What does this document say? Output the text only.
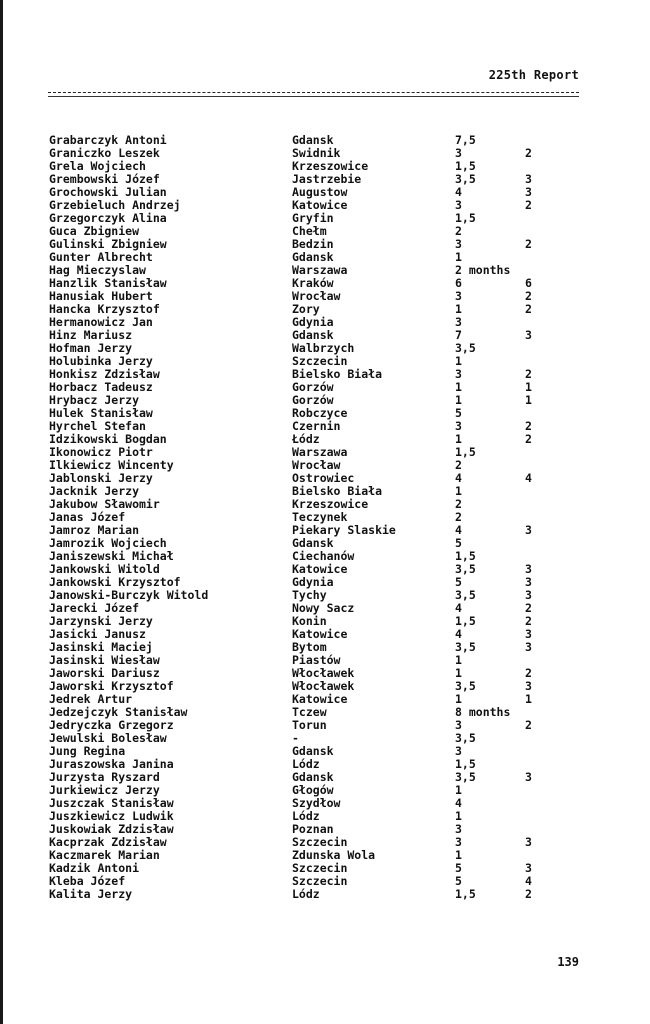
225th Report
Grabarczyk Antoni	Gdansk	7,5
Graniczko Leszek	Swidnik	3	2
Grela Wojciech	Krzeszowice	1,5
Grembowski Józef	Jastrzebie	3,5	3
Grochowski Julian	Augustow	4	3
Grzebieluch Andrzej	Katowice	3	2
Grzegorczyk Alina	Gryfin	1,5
Guca Zbigniew	Chełm	2
Gulinski Zbigniew	Bedzin	3	2
Gunter Albrecht	Gdansk	1
Hag Mieczyslaw	Warszawa	2 months
Hanzlik Stanisław	Kraków	6	6
Hanusiak Hubert	Wrocław	3	2
Hancka Krzysztof	Zory	1	2
Hermanowicz Jan	Gdynia	3
Hinz Mariusz	Gdansk	7	3
Hofman Jerzy	Walbrzych	3,5
Holubinka Jerzy	Szczecin	1
Honkisz Zdzisław	Bielsko Biała	3	2
Horbacz Tadeusz	Gorzów	1	1
Hrybacz Jerzy	Gorzów	1	1
Hulek Stanisław	Robczyce	5
Hyrchel Stefan	Czernin	3	2
Idzikowski Bogdan	Łódz	1	2
Ikonowicz Piotr	Warszawa	1,5
Ilkiewicz Wincenty	Wrocław	2
Jablonski Jerzy	Ostrowiec	4	4
Jacknik Jerzy	Bielsko Biała	1
Jakubow Sławomir	Krzeszowice	2
Janas Józef	Teczynek	2
Jamroz Marian	Piekary Slaskie	4	3
Jamrozik Wojciech	Gdansk	5
Janiszewski Michał	Ciechanów	1,5
Jankowski Witold	Katowice	3,5	3
Jankowski Krzysztof	Gdynia	5	3
Janowski-Burczyk Witold	Tychy	3,5	3
Jarecki Józef	Nowy Sacz	4	2
Jarzynski Jerzy	Konin	1,5	2
Jasicki Janusz	Katowice	4	3
Jasinski Maciej	Bytom	3,5	3
Jasinski Wiesław	Piastów	1
Jaworski Dariusz	Włocławek	1	2
Jaworski Krzysztof	Włocławek	3,5	3
Jedrek Artur	Katowice	1	1
Jedzejczyk Stanisław	Tczew	8 months
Jedryczka Grzegorz	Torun	3	2
Jewulski Bolesław	-	3,5
Jung Regina	Gdansk	3
Juraszowska Janina	Lódz	1,5
Jurzysta Ryszard	Gdansk	3,5	3
Jurkiewicz Jerzy	Głogów	1
Juszczak Stanisław	Szydłow	4
Juszkiewicz Ludwik	Lódz	1
Juskowiak Zdzisław	Poznan	3
Kacprzak Zdzisław	Szczecin	3	3
Kaczmarek Marian	Zdunska Wola	1
Kadzik Antoni	Szczecin	5	3
Kleba Józef	Szczecin	5	4
Kalita Jerzy	Lódz	1,5	2
139
